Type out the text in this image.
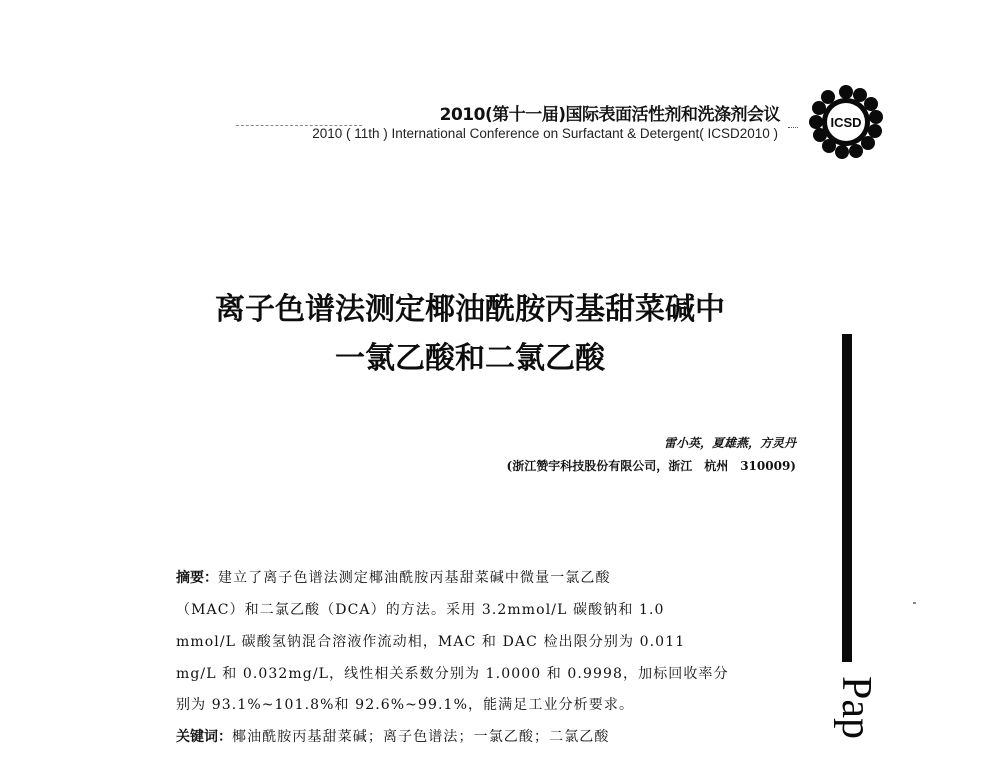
2010(第十一届)国际表面活性剂和洗涤剂会议
2010 ( 11th ) International Conference on Surfactant & Detergent( ICSD2010 )
ICSD
离子色谱法测定椰油酰胺丙基甜菜碱中
一氯乙酸和二氯乙酸
雷小英，夏雄燕，方灵丹
(浙江赞宇科技股份有限公司，浙江　杭州　310009)
摘要：建立了离子色谱法测定椰油酰胺丙基甜菜碱中微量一氯乙酸
（MAC）和二氯乙酸（DCA）的方法。采用 3.2mmol/L 碳酸钠和 1.0
mmol/L 碳酸氢钠混合溶液作流动相，MAC 和 DAC 检出限分别为 0.011
mg/L 和 0.032mg/L，线性相关系数分别为 1.0000 和 0.9998，加标回收率分
别为 93.1%~101.8%和 92.6%~99.1%，能满足工业分析要求。
关键词：椰油酰胺丙基甜菜碱；离子色谱法；一氯乙酸；二氯乙酸	Pap
